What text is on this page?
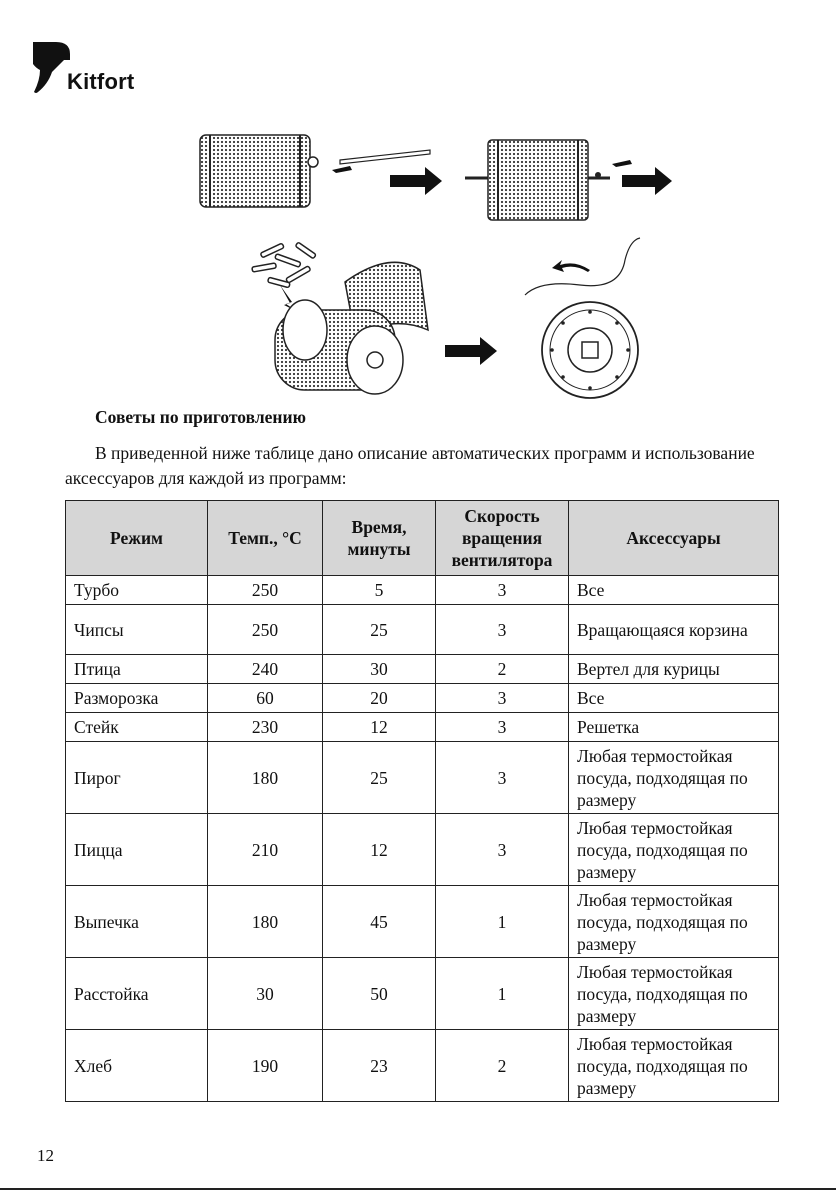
Kitfort
Советы по приготовлению
В приведенной ниже таблице дано описание автоматических программ и использование аксессуаров для каждой из программ:
Режим	Темп., °С	Время, минуты	Скорость вращения вентилятора	Аксессуары
Турбо	250	5	3	Все
Чипсы	250	25	3	Вращающаяся корзина
Птица	240	30	2	Вертел для курицы
Разморозка	60	20	3	Все
Стейк	230	12	3	Решетка
Пирог	180	25	3	Любая термостойкая посуда, подходящая по размеру
Пицца	210	12	3	Любая термостойкая посуда, подходящая по размеру
Выпечка	180	45	1	Любая термостойкая посуда, подходящая по размеру
Расстойка	30	50	1	Любая термостойкая посуда, подходящая по размеру
Хлеб	190	23	2	Любая термостойкая посуда, подходящая по размеру
12
